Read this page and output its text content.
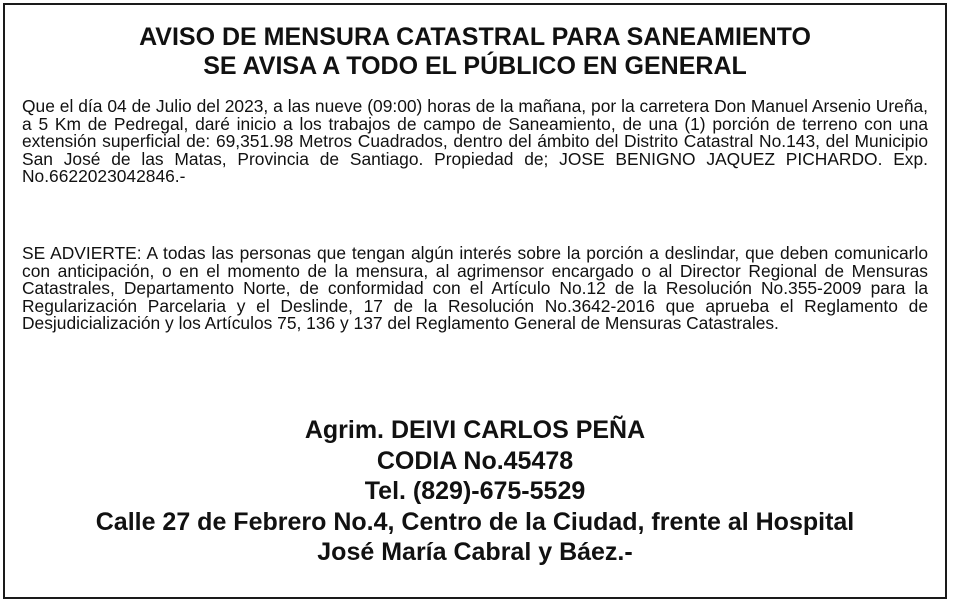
AVISO DE MENSURA CATASTRAL PARA SANEAMIENTO

SE AVISA A TODO EL PÚBLICO EN GENERAL

Que el día 04 de Julio del 2023, a las nueve (09:00) horas de la mañana, por la carretera Don Manuel Arsenio Ureña, a 5 Km de Pedregal, daré inicio a los trabajos de campo de Saneamiento, de una (1) porción de terreno con una extensión superficial de: 69,351.98 Metros Cuadrados, dentro del ámbito del Distrito Catastral No.143, del Municipio San José de las Matas, Provincia de Santiago. Propiedad de; JOSE BENIGNO JAQUEZ PICHARDO. Exp. No.6622023042846.-

SE ADVIERTE: A todas las personas que tengan algún interés sobre la porción a deslindar, que deben comunicarlo con anticipación, o en el momento de la mensura, al agrimensor encargado o al Director Regional de Mensuras Catastrales, Departamento Norte, de conformidad con el Artículo No.12 de la Resolución No.355-2009 para la Regularización Parcelaria y el Deslinde, 17 de la Resolución No.3642-2016 que aprueba el Reglamento de Desjudicialización y los Artículos 75, 136 y 137 del Reglamento General de Mensuras Catastrales.

Agrim. DEIVI CARLOS PEÑA
CODIA No.45478
Tel. (829)-675-5529
Calle 27 de Febrero No.4, Centro de la Ciudad, frente al Hospital
José María Cabral y Báez.-
